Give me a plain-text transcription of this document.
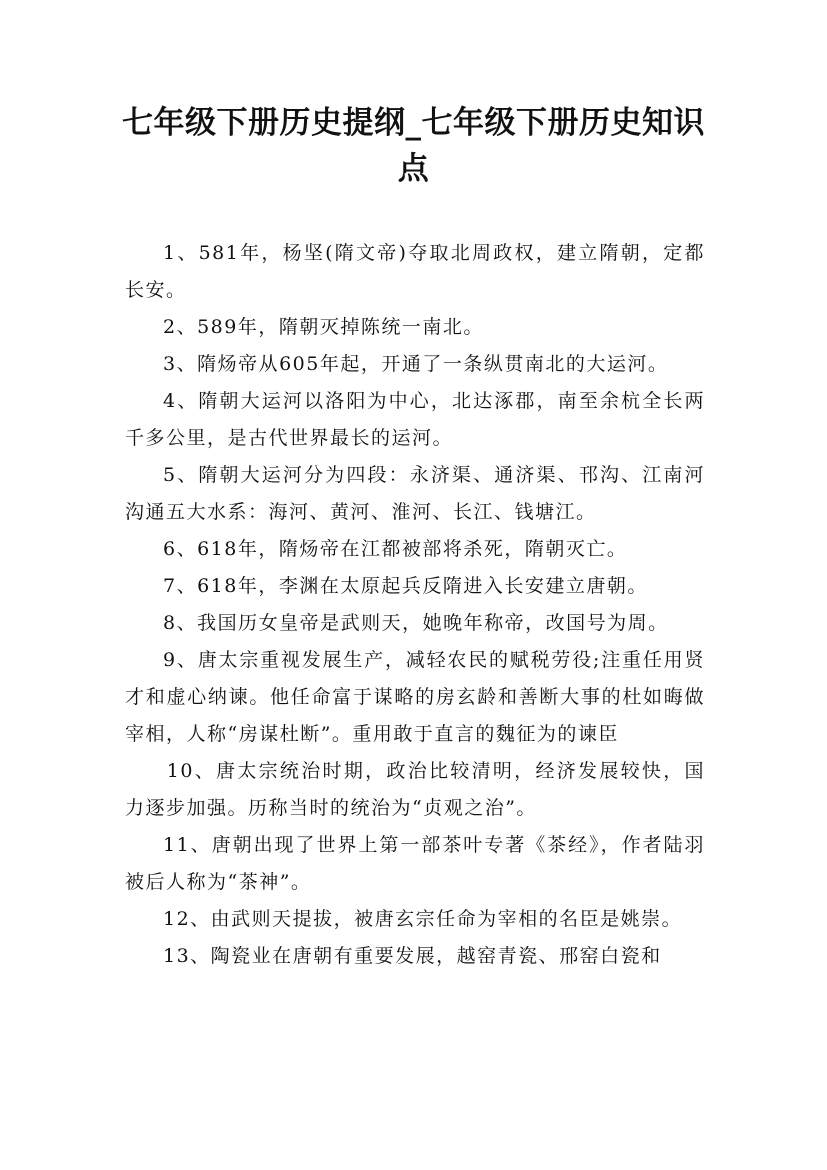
七年级下册历史提纲_七年级下册历史知识
点

1、581年，杨坚(隋文帝)夺取北周政权，建立隋朝，定都长安。

2、589年，隋朝灭掉陈统一南北。

3、隋炀帝从605年起，开通了一条纵贯南北的大运河。

4、隋朝大运河以洛阳为中心，北达涿郡，南至余杭全长两千多公里，是古代世界最长的运河。

5、隋朝大运河分为四段：永济渠、通济渠、邗沟、江南河沟通五大水系：海河、黄河、淮河、长江、钱塘江。

6、618年，隋炀帝在江都被部将杀死，隋朝灭亡。

7、618年，李渊在太原起兵反隋进入长安建立唐朝。

8、我国历女皇帝是武则天，她晚年称帝，改国号为周。

9、唐太宗重视发展生产，减轻农民的赋税劳役;注重任用贤才和虚心纳谏。他任命富于谋略的房玄龄和善断大事的杜如晦做宰相，人称“房谋杜断”。重用敢于直言的魏征为的谏臣

10、唐太宗统治时期，政治比较清明，经济发展较快，国力逐步加强。历称当时的统治为“贞观之治”。

11、唐朝出现了世界上第一部茶叶专著《茶经》，作者陆羽被后人称为“茶神”。

12、由武则天提拔，被唐玄宗任命为宰相的名臣是姚崇。

13、陶瓷业在唐朝有重要发展，越窑青瓷、邢窑白瓷和
